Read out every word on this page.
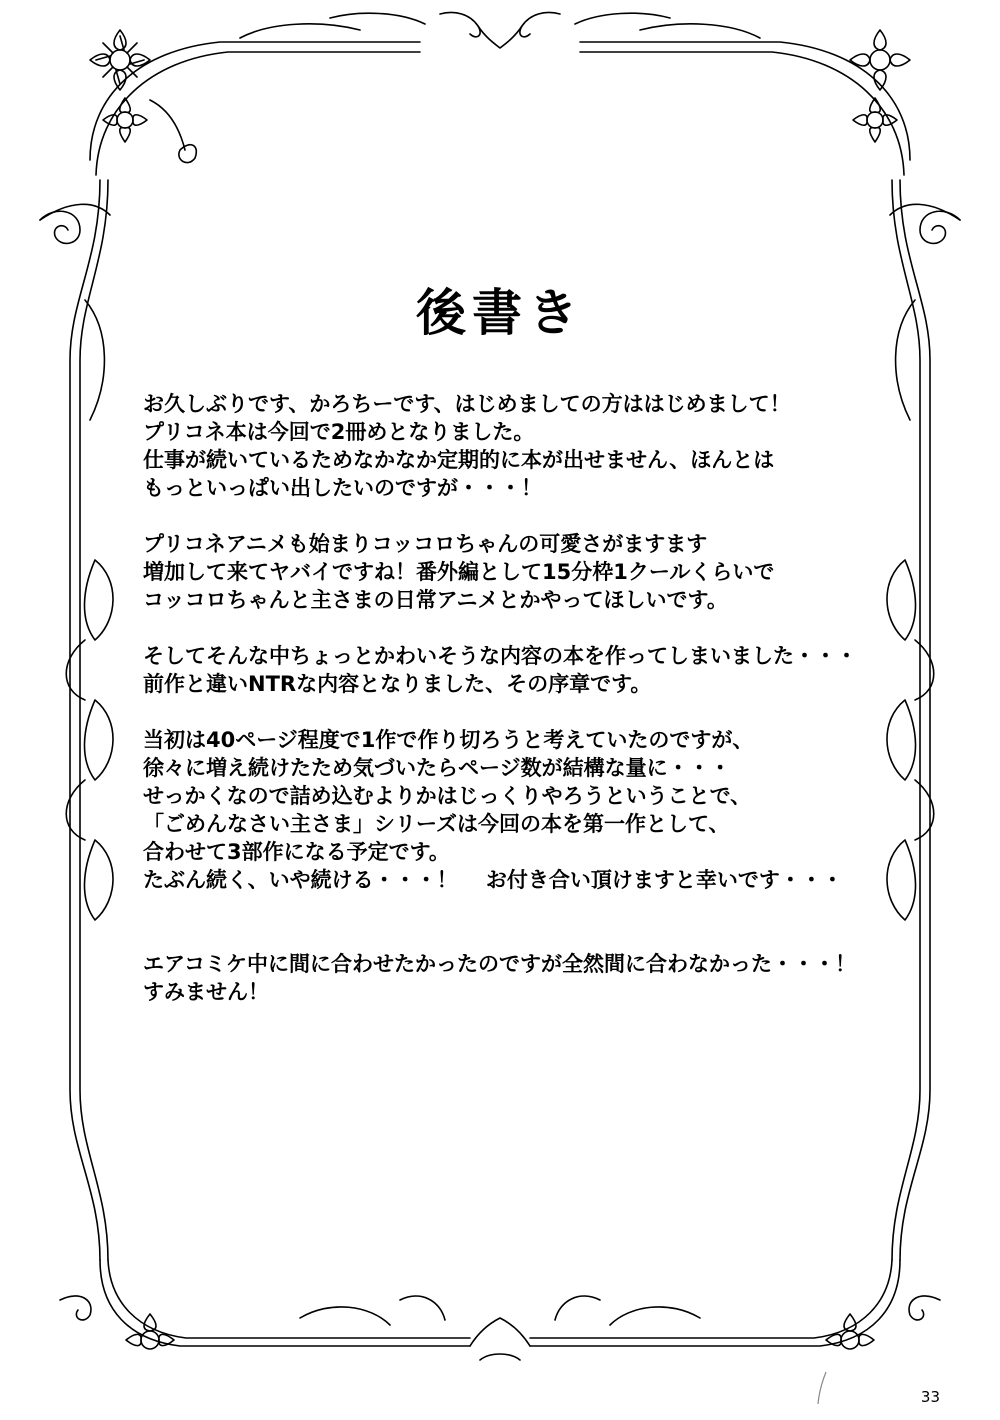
後書き

お久しぶりです、かろちーです、はじめましての方ははじめまして！
プリコネ本は今回で2冊めとなりました。
仕事が続いているためなかなか定期的に本が出せません、ほんとは
もっといっぱい出したいのですが・・・！

プリコネアニメも始まりコッコロちゃんの可愛さがますます
増加して来てヤバイですね！番外編として15分枠1クールくらいで
コッコロちゃんと主さまの日常アニメとかやってほしいです。

そしてそんな中ちょっとかわいそうな内容の本を作ってしまいました・・・
前作と違いNTRな内容となりました、その序章です。

当初は40ページ程度で1作で作り切ろうと考えていたのですが、
徐々に増え続けたため気づいたらページ数が結構な量に・・・
せっかくなので詰め込むよりかはじっくりやろうということで、
「ごめんなさい主さま」シリーズは今回の本を第一作として、
合わせて3部作になる予定です。
たぶん続く、いや続ける・・・！　 お付き合い頂けますと幸いです・・・

エアコミケ中に間に合わせたかったのですが全然間に合わなかった・・・！
すみません！

33
